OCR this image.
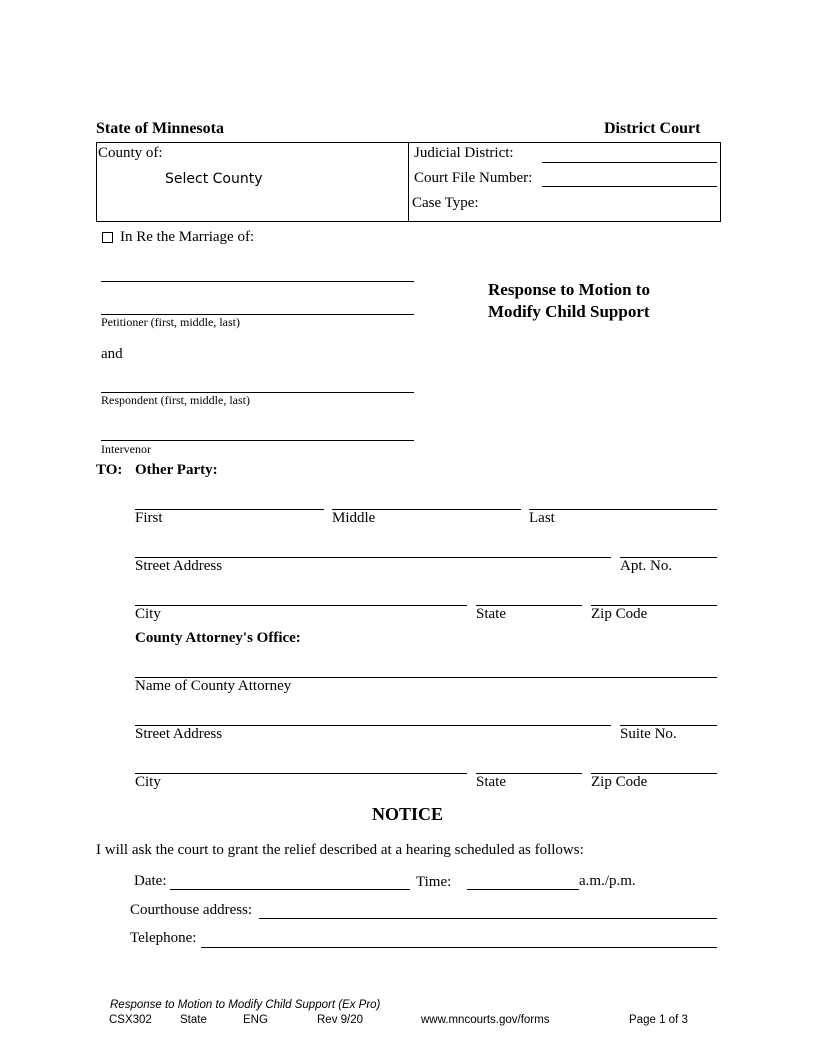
State of Minnesota	District Court
County of:
Select County
Judicial District:
Court File Number:
Case Type:
In Re the Marriage of:
Petitioner (first, middle, last)
and
Respondent (first, middle, last)
Intervenor
Response to Motion to
Modify Child Support
TO: Other Party:
First	Middle	Last
Street Address	Apt. No.
City	State	Zip Code
County Attorney's Office:
Name of County Attorney
Street Address	Suite No.
City	State	Zip Code
NOTICE
I will ask the court to grant the relief described at a hearing scheduled as follows:
Date:	Time:	a.m./p.m.
Courthouse address:
Telephone:
Response to Motion to Modify Child Support (Ex Pro)
CSX302 State	ENG	Rev 9/20	www.mncourts.gov/forms	Page 1 of 3
